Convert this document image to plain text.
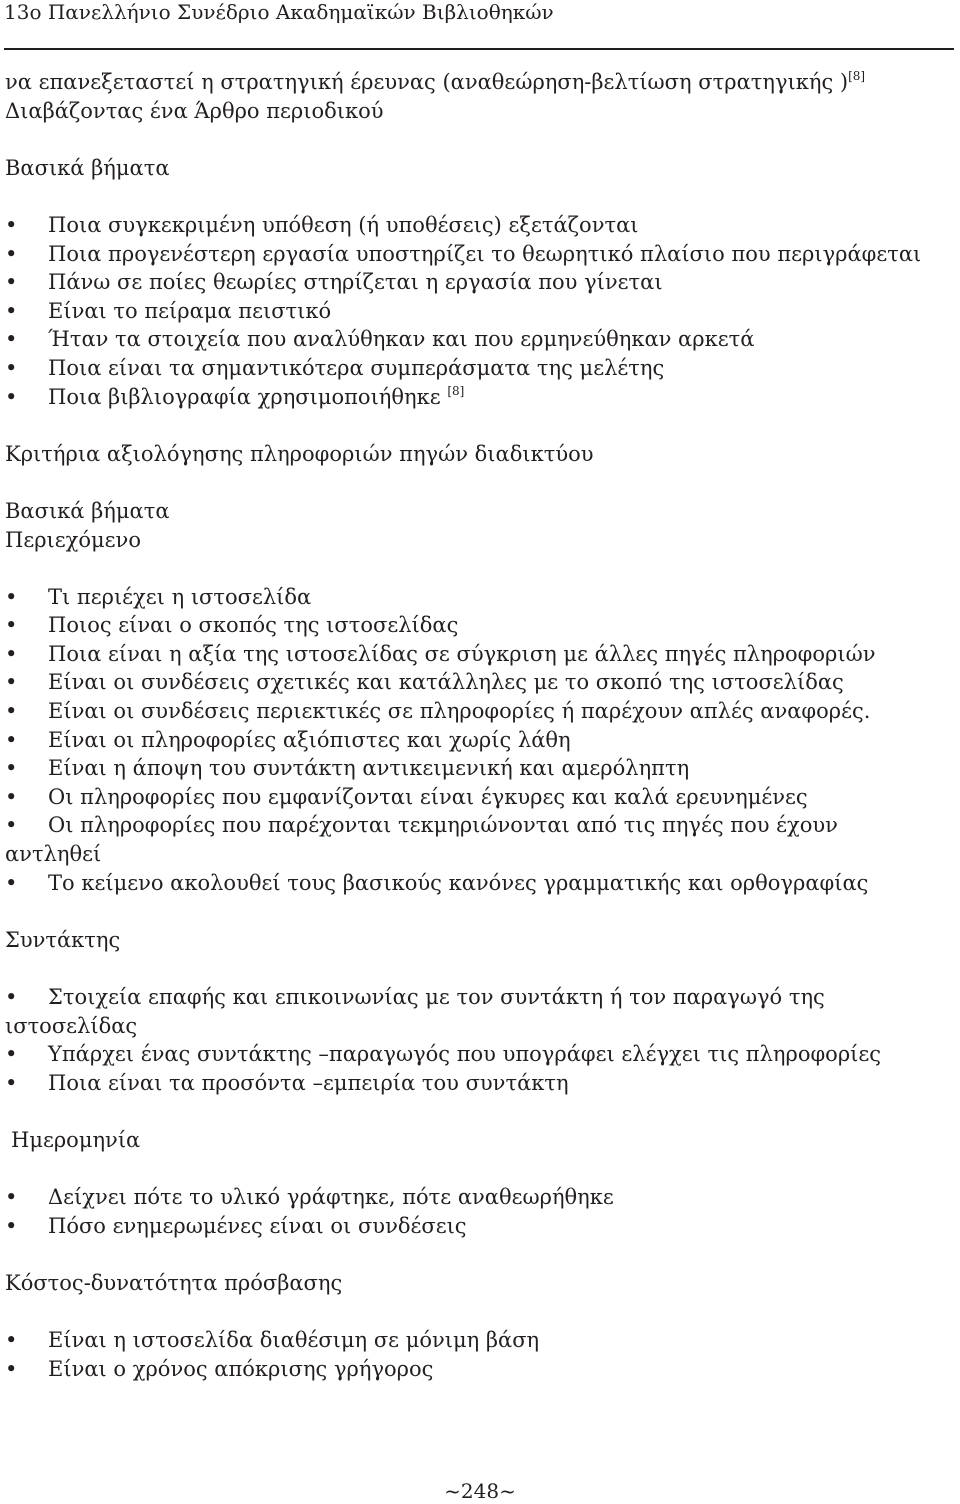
13ο Πανελλήνιο Συνέδριο Ακαδημαϊκών Βιβλιοθηκών
να επανεξεταστεί η στρατηγική έρευνας (αναθεώρηση-βελτίωση στρατηγικής )[8]
Διαβάζοντας ένα Άρθρο περιοδικού
Βασικά βήματα
• Ποια συγκεκριμένη υπόθεση (ή υποθέσεις) εξετάζονται
• Ποια προγενέστερη εργασία υποστηρίζει το θεωρητικό πλαίσιο που περιγράφεται
• Πάνω σε ποίες θεωρίες στηρίζεται η εργασία που γίνεται
• Είναι το πείραμα πειστικό
• Ήταν τα στοιχεία που αναλύθηκαν και που ερμηνεύθηκαν αρκετά
• Ποια είναι τα σημαντικότερα συμπεράσματα της μελέτης
• Ποια βιβλιογραφία χρησιμοποιήθηκε [8]
Κριτήρια αξιολόγησης πληροφοριών πηγών διαδικτύου
Βασικά βήματα
Περιεχόμενο
• Τι περιέχει η ιστοσελίδα
• Ποιος είναι ο σκοπός της ιστοσελίδας
• Ποια είναι η αξία της ιστοσελίδας σε σύγκριση με άλλες πηγές πληροφοριών
• Είναι οι συνδέσεις σχετικές και κατάλληλες με το σκοπό της ιστοσελίδας
• Είναι οι συνδέσεις περιεκτικές σε πληροφορίες ή παρέχουν απλές αναφορές.
• Είναι οι πληροφορίες αξιόπιστες και χωρίς λάθη
• Είναι η άποψη του συντάκτη αντικειμενική και αμερόληπτη
• Οι πληροφορίες που εμφανίζονται είναι έγκυρες και καλά ερευνημένες
• Οι πληροφορίες που παρέχονται τεκμηριώνονται από τις πηγές που έχουν
αντληθεί
• Το κείμενο ακολουθεί τους βασικούς κανόνες γραμματικής και ορθογραφίας
Συντάκτης
• Στοιχεία επαφής και επικοινωνίας με τον συντάκτη ή τον παραγωγό της
ιστοσελίδας
• Υπάρχει ένας συντάκτης –παραγωγός που υπογράφει ελέγχει τις πληροφορίες
• Ποια είναι τα προσόντα –εμπειρία του συντάκτη
Ημερομηνία
• Δείχνει πότε το υλικό γράφτηκε, πότε αναθεωρήθηκε
• Πόσο ενημερωμένες είναι οι συνδέσεις
Κόστος-δυνατότητα πρόσβασης
• Είναι η ιστοσελίδα διαθέσιμη σε μόνιμη βάση
• Είναι ο χρόνος απόκρισης γρήγορος
~248~
